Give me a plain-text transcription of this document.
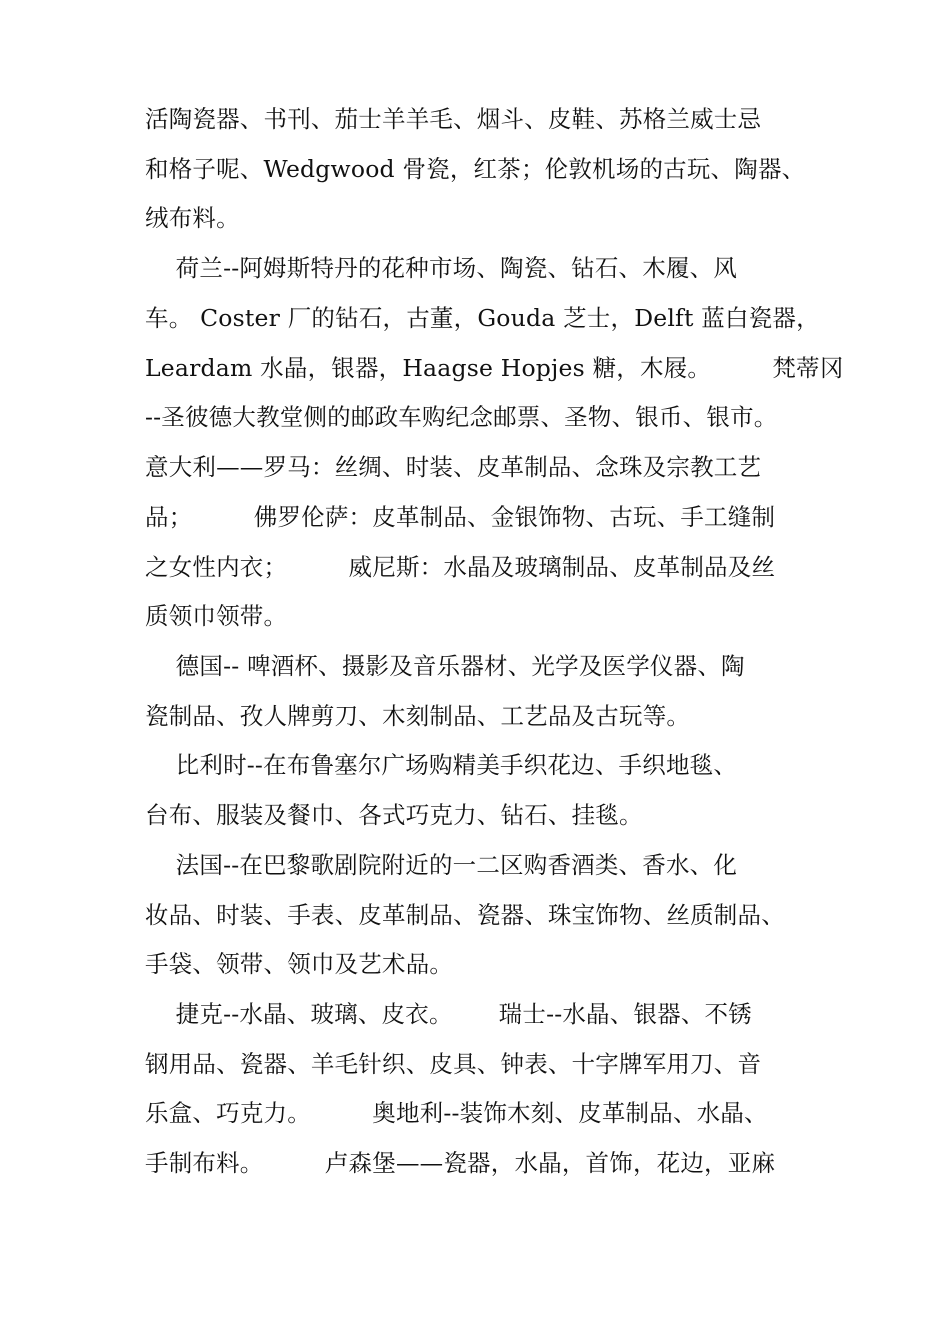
活陶瓷器、书刊、茄士羊羊毛、烟斗、皮鞋、苏格兰威士忌
和格子呢、Wedgwood 骨瓷，红茶；伦敦机场的古玩、陶器、
绒布料。
荷兰--阿姆斯特丹的花种市场、陶瓷、钻石、木履、风
车。 Coster 厂的钻石，古董，Gouda 芝士，Delft 蓝白瓷器，
Leardam 水晶，银器，Haagse Hopjes 糖，木屐。        梵蒂冈
--圣彼德大教堂侧的邮政车购纪念邮票、圣物、银币、银市。
意大利——罗马：丝绸、时装、皮革制品、念珠及宗教工艺
品；        佛罗伦萨：皮革制品、金银饰物、古玩、手工缝制
之女性内衣；        威尼斯：水晶及玻璃制品、皮革制品及丝
质领巾领带。
德国-- 啤酒杯、摄影及音乐器材、光学及医学仪器、陶
瓷制品、孜人牌剪刀、木刻制品、工艺品及古玩等。
比利时--在布鲁塞尔广场购精美手织花边、手织地毯、
台布、服装及餐巾、各式巧克力、钻石、挂毯。
法国--在巴黎歌剧院附近的一二区购香酒类、香水、化
妆品、时装、手表、皮革制品、瓷器、珠宝饰物、丝质制品、
手袋、领带、领巾及艺术品。
捷克--水晶、玻璃、皮衣。      瑞士--水晶、银器、不锈
钢用品、瓷器、羊毛针织、皮具、钟表、十字牌军用刀、音
乐盒、巧克力。        奥地利--装饰木刻、皮革制品、水晶、
手制布料。        卢森堡——瓷器，水晶，首饰，花边，亚麻
